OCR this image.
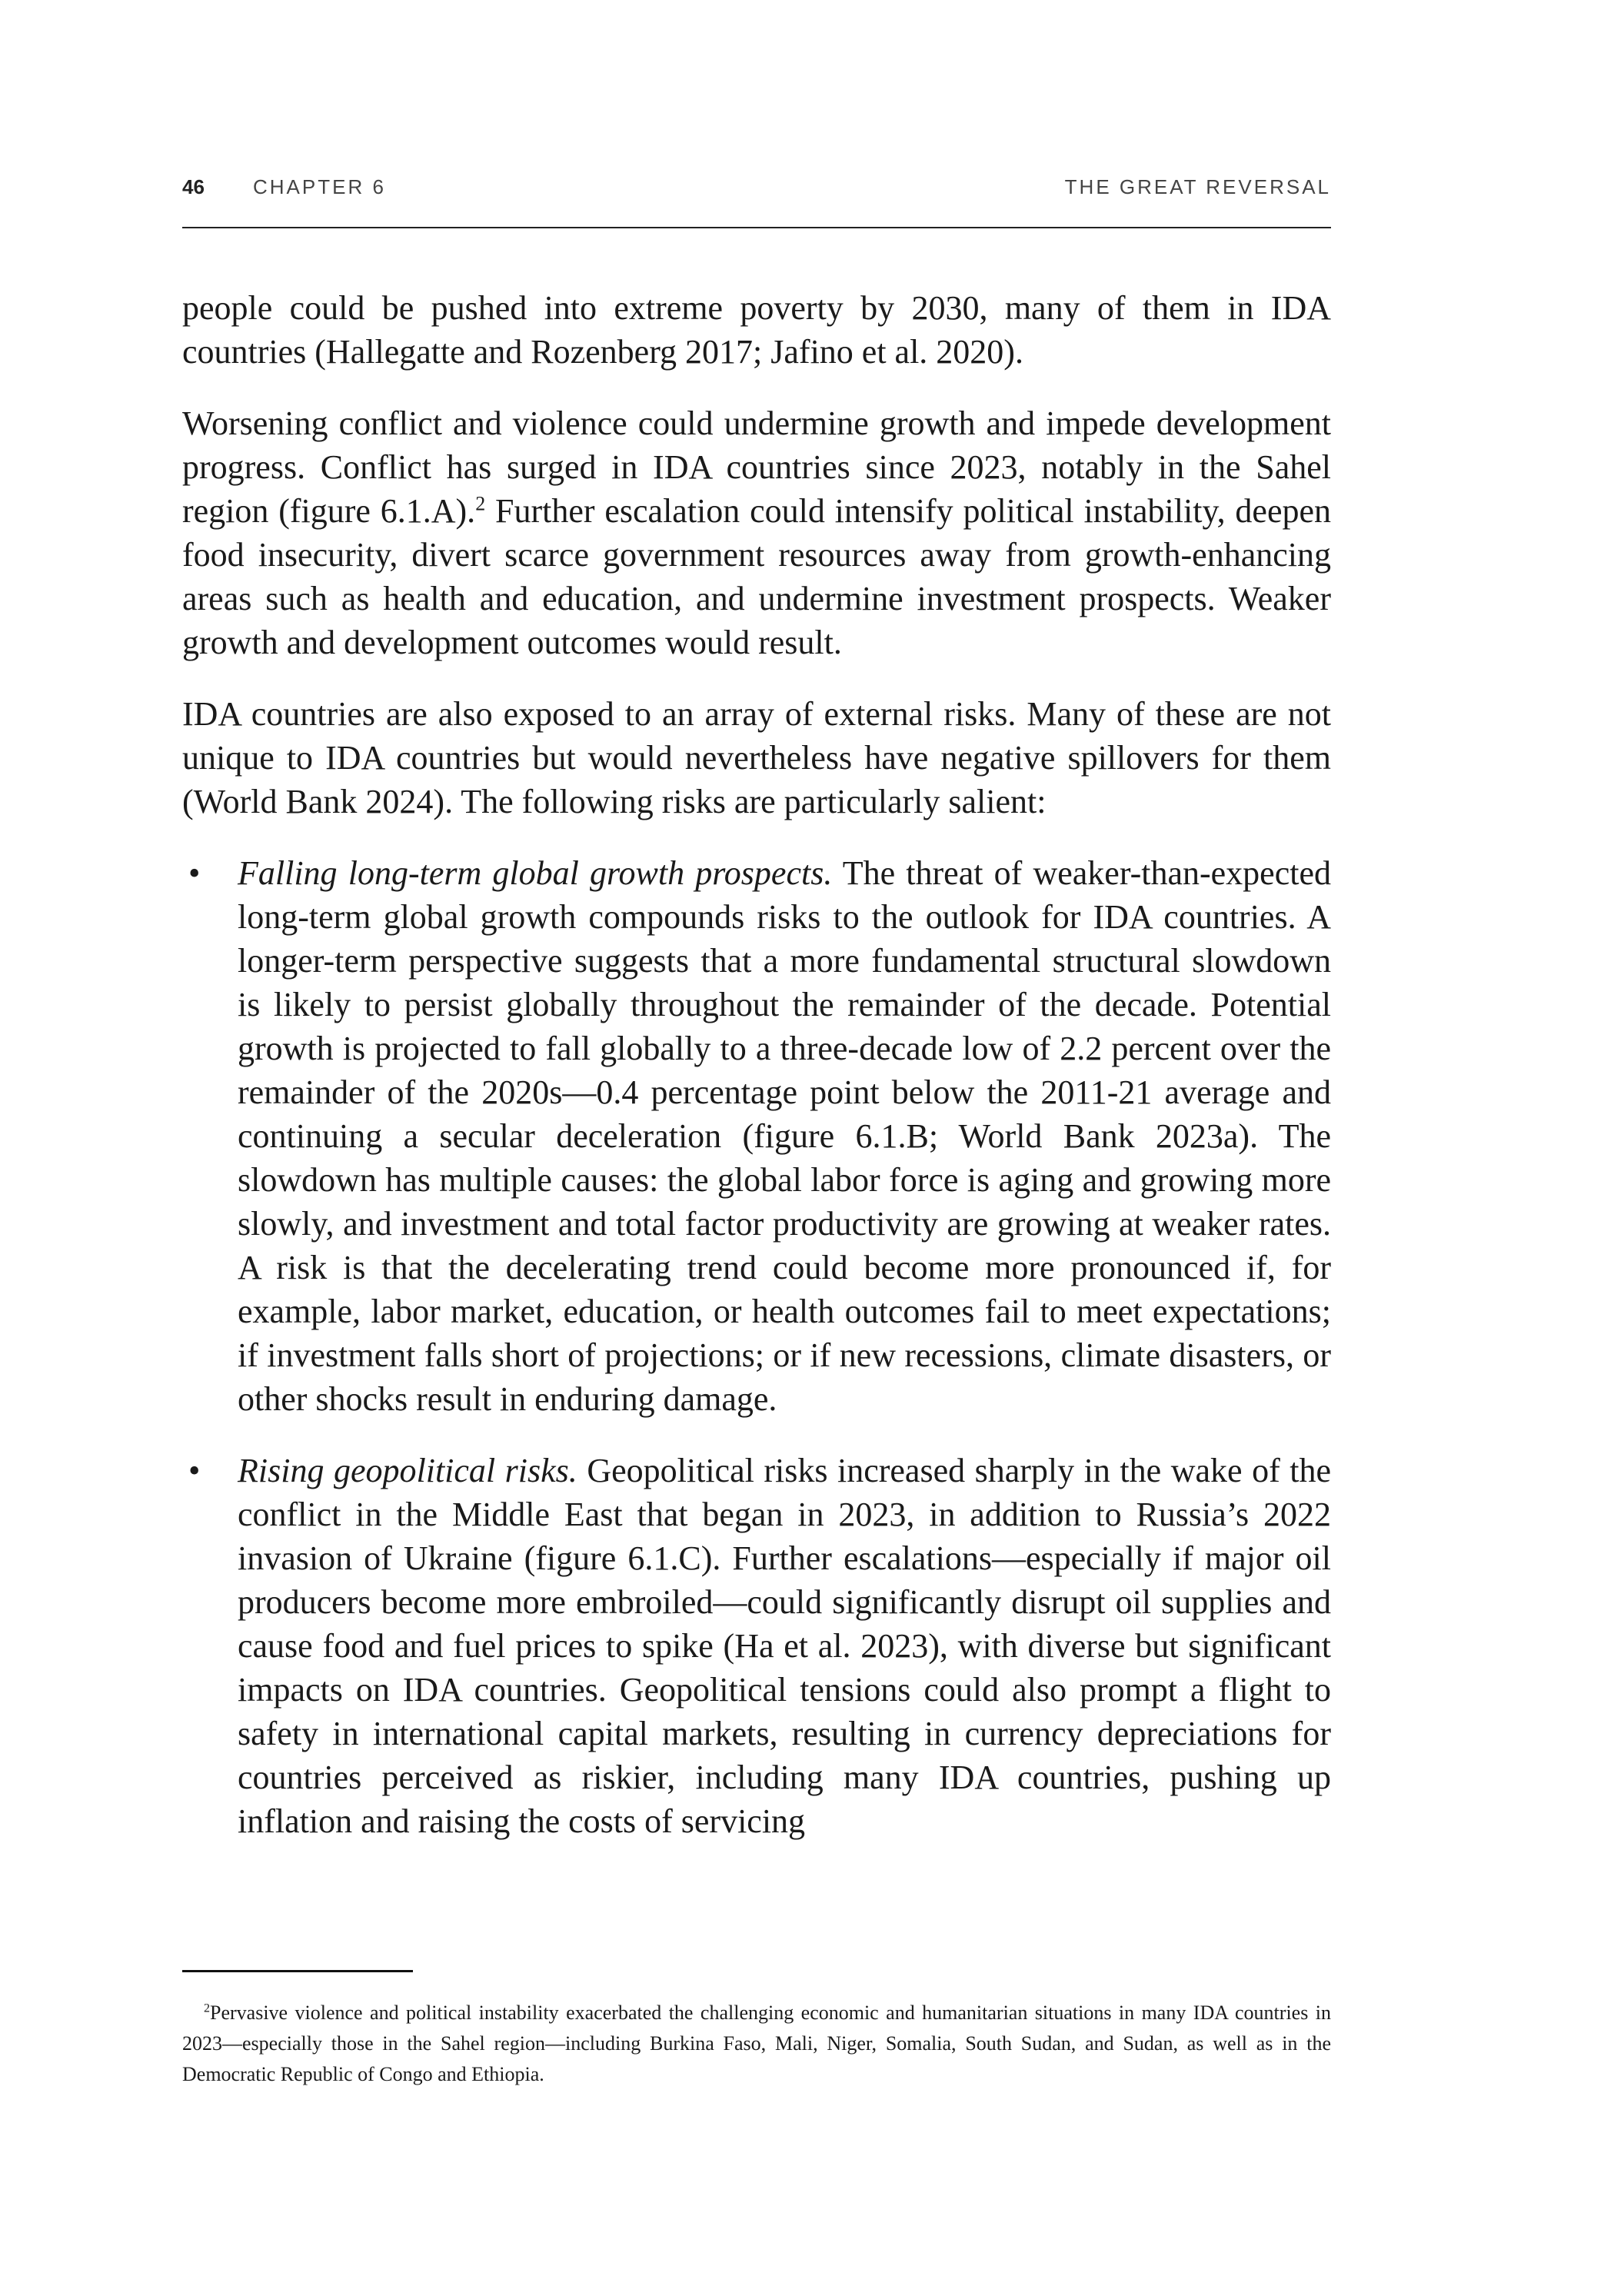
46 CHAPTER 6	THE GREAT REVERSAL

people could be pushed into extreme poverty by 2030, many of them in IDA countries (Hallegatte and Rozenberg 2017; Jafino et al. 2020).

Worsening conflict and violence could undermine growth and impede development progress. Conflict has surged in IDA countries since 2023, notably in the Sahel region (figure 6.1.A).$^2$ Further escalation could intensify political instability, deepen food insecurity, divert scarce government resources away from growth-enhancing areas such as health and education, and undermine investment prospects. Weaker growth and development outcomes would result.

IDA countries are also exposed to an array of external risks. Many of these are not unique to IDA countries but would nevertheless have negative spillovers for them (World Bank 2024). The following risks are particularly salient:

• Falling long-term global growth prospects. The threat of weaker-than-expected long-term global growth compounds risks to the outlook for IDA countries. A longer-term perspective suggests that a more fundamental structural slowdown is likely to persist globally throughout the remainder of the decade. Potential growth is projected to fall globally to a three-decade low of 2.2 percent over the remainder of the 2020s—0.4 percentage point below the 2011-21 average and continuing a secular deceleration (figure 6.1.B; World Bank 2023a). The slowdown has multiple causes: the global labor force is aging and growing more slowly, and investment and total factor productivity are growing at weaker rates. A risk is that the decelerating trend could become more pronounced if, for example, labor market, education, or health outcomes fail to meet expectations; if investment falls short of projections; or if new recessions, climate disasters, or other shocks result in enduring damage.
• Rising geopolitical risks. Geopolitical risks increased sharply in the wake of the conflict in the Middle East that began in 2023, in addition to Russia’s 2022 invasion of Ukraine (figure 6.1.C). Further escalations—especially if major oil producers become more embroiled—could significantly disrupt oil supplies and cause food and fuel prices to spike (Ha et al. 2023), with diverse but significant impacts on IDA countries. Geopolitical tensions could also prompt a flight to safety in international capital markets, resulting in currency depreciations for countries perceived as riskier, including many IDA countries, pushing up inflation and raising the costs of servicing
$^2$Pervasive violence and political instability exacerbated the challenging economic and humanitarian situations in many IDA countries in 2023—especially those in the Sahel region—including Burkina Faso, Mali, Niger, Somalia, South Sudan, and Sudan, as well as in the Democratic Republic of Congo and Ethiopia.
